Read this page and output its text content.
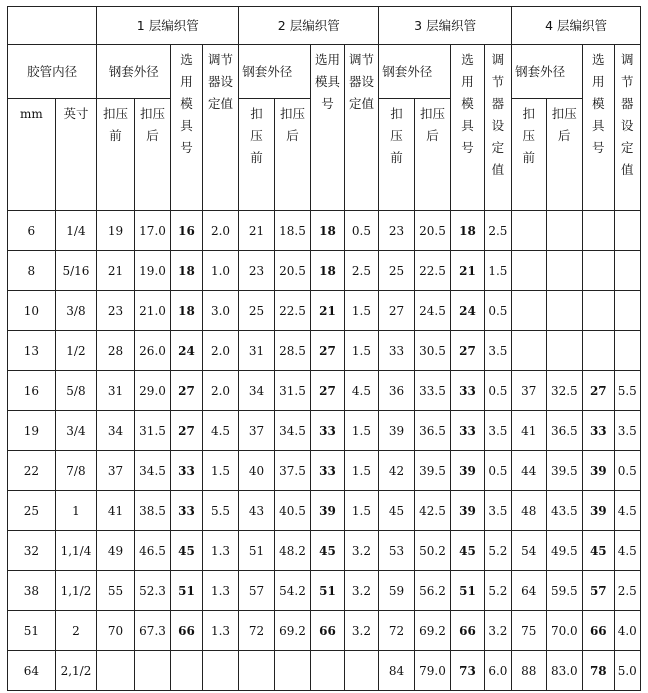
		1 层编织管				2 层编织管				3 层编织管				4 层编织管			
胶管内径		钢套外径		选用模具号	调节器设定值	钢套外径		选用模具号	调节器设定值	钢套外径		选用模具号	调节器设定值	钢套外径		选用模具号	调节器设定值
mm	英寸	扣压前	扣压后			扣压前	扣压后			扣压前	扣压后			扣压前	扣压后		
6	1/4	19	17.0	16	2.0	21	18.5	18	0.5	23	20.5	18	2.5				
8	5/16	21	19.0	18	1.0	23	20.5	18	2.5	25	22.5	21	1.5				
10	3/8	23	21.0	18	3.0	25	22.5	21	1.5	27	24.5	24	0.5				
13	1/2	28	26.0	24	2.0	31	28.5	27	1.5	33	30.5	27	3.5				
16	5/8	31	29.0	27	2.0	34	31.5	27	4.5	36	33.5	33	0.5	37	32.5	27	5.5
19	3/4	34	31.5	27	4.5	37	34.5	33	1.5	39	36.5	33	3.5	41	36.5	33	3.5
22	7/8	37	34.5	33	1.5	40	37.5	33	1.5	42	39.5	39	0.5	44	39.5	39	0.5
25	1	41	38.5	33	5.5	43	40.5	39	1.5	45	42.5	39	3.5	48	43.5	39	4.5
32	1,1/4	49	46.5	45	1.3	51	48.2	45	3.2	53	50.2	45	5.2	54	49.5	45	4.5
38	1,1/2	55	52.3	51	1.3	57	54.2	51	3.2	59	56.2	51	5.2	64	59.5	57	2.5
51	2	70	67.3	66	1.3	72	69.2	66	3.2	72	69.2	66	3.2	75	70.0	66	4.0
64	2,1/2									84	79.0	73	6.0	88	83.0	78	5.0
